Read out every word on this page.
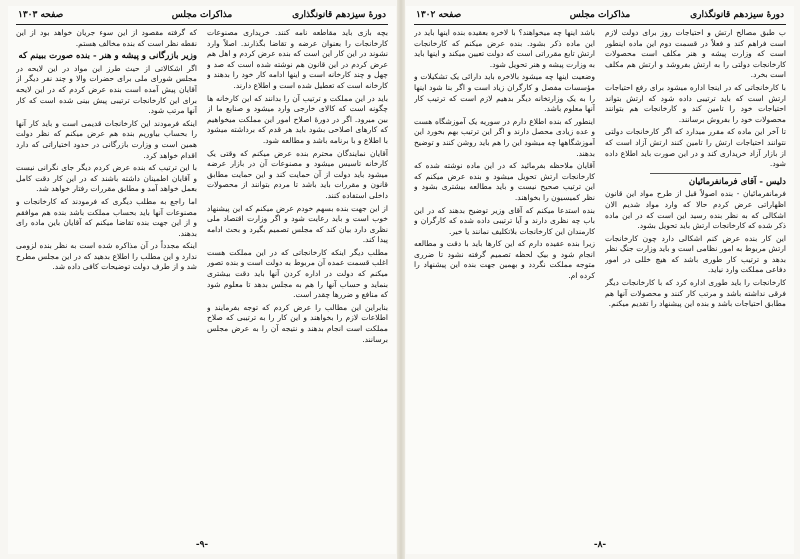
دورهٔ سیزدهم قانونگذاری
مذاکرات مجلس
صفحه ۱۳۰۳

بچه بازی باید مقاطعه نامه کنند. خریداری مصنوعات کارخانجات را بعنوان عرضه و تقاضا بگذارند. اصلاً وارد نشوند در این کار این است که بنده عرض کردم و اهل هم عرض کردم در این قانون هم نوشته شده است که صد و چهل و چند کارخانه است و اینها ادامه کار خود را بدهند و کارخانه است که تعطیل شده است و اطلاع دارند.

باید در این مملکت و ترتیب آن را بدانند که این کارخانه ها چگونه است که کالای خارجی وارد میشود و صنایع ما از بین میرود. اگر در دورهٔ اصلاح امور این مملکت میخواهیم که کارهای اصلاحی بشود باید هر قدم که برداشته میشود با اطلاع و با برنامه باشد و مطالعه شود.

آقایان نمایندگان محترم بنده عرض میکنم که وقتی یک کارخانه تاسیس میشود و مصنوعات آن در بازار عرضه میشود باید دولت از آن حمایت کند و این حمایت مطابق قانون و مقررات باید باشد تا مردم بتوانند از محصولات داخلی استفاده کنند.

از این جهت بنده بسهم خودم عرض میکنم که این پیشنهاد خوب است و باید رعایت شود و اگر وزارت اقتصاد ملی نظری دارد بیان کند که مجلس تصمیم بگیرد و بحث ادامه پیدا کند.

مطلب دیگر اینکه کارخانجاتی که در این مملکت هست اغلب قسمت عمده آن مربوط به دولت است و بنده تصور میکنم که دولت در اداره کردن آنها باید دقت بیشتری بنماید و حساب آنها را هم به مجلس بدهد تا معلوم شود که منافع و ضررها چقدر است.

بنابراین این مطالب را عرض کردم که توجه بفرمایند و اطلاعات لازم را بخواهند و این کار را به ترتیبی که صلاح مملکت است انجام بدهند و نتیجه آن را به عرض مجلس برسانند.

که گرفته مقصود از این سوء جریان خواهد بود از این نقطه نظر است که بنده مخالف هستم.

وزیر بازرگانی و پیشه و هنر - بنده صورت ببینم که

اگر اشکالاتی از حیث طرز این مواد در این لایحه در مجلس شورای ملی برای حضرات والا و چند نفر دیگر از آقایان پیش آمده است بنده عرض کردم که در این لایحه برای این کارخانجات ترتیبی پیش بینی شده است که کار آنها مرتب شود.

اینکه فرمودند این کارخانجات قدیمی است و باید کار آنها را بحساب بیاوریم بنده هم عرض میکنم که نظر دولت همین است و وزارت بازرگانی در حدود اختیاراتی که دارد اقدام خواهد کرد.

با این ترتیب که بنده عرض کردم دیگر جای نگرانی نیست و آقایان اطمینان داشته باشند که در این کار دقت کامل بعمل خواهد آمد و مطابق مقررات رفتار خواهد شد.

اما راجع به مطلب دیگری که فرمودند که کارخانجات و مصنوعات آنها باید بحساب مملکت باشد بنده هم موافقم و از این جهت بنده تقاضا میکنم که آقایان باین ماده رای بدهند.

اینکه مجدداً در آن مذاکره شده است به نظر بنده لزومی ندارد و این مطلب را اطلاع بدهید که در این مجلس مطرح شد و از طرف دولت توضیحات کافی داده شد.

-۹-
دورهٔ سیزدهم قانونگذاری
مذاکرات مجلس
صفحه ۱۳۰۲

ب طبق مصالح ارتش و احتیاجات روز برای دولت لازم است فراهم کند و فعلاً در قسمت دوم این ماده اینطور است که وزارت پیشه و هنر مکلف است محصولات کارخانجات دولتی را به ارتش بفروشد و ارتش هم مکلف است بخرد.

با کارخانجاتی که در اینجا اداره میشود برای رفع احتیاجات ارتش است که باید ترتیبی داده شود که ارتش بتواند احتیاجات خود را تامین کند و کارخانجات هم بتوانند محصولات خود را بفروش برسانند.

تا آخر این ماده که مقرر میدارد که اگر کارخانجات دولتی نتوانند احتیاجات ارتش را تامین کنند ارتش آزاد است که از بازار آزاد خریداری کند و در این صورت باید اطلاع داده شود.

دلیس - آقای فرمانفرمائیان

فرمانفرمائیان - بنده اصولاً قبل از طرح مواد این قانون اظهاراتی عرض کردم حالا که وارد مواد شدیم الان اشکالی که به نظر بنده رسید این است که در این ماده ذکر شده که کارخانجات ارتش باید تحویل بشود.

این کار بنده عرض کنم اشکالی دارد چون کارخانجات ارتش مربوط به امور نظامی است و باید وزارت جنگ نظر بدهد و ترتیب کار طوری باشد که هیچ خللی در امور دفاعی مملکت وارد نیاید.

کارخانجات را باید طوری اداره کرد که با کارخانجات دیگر فرقی نداشته باشد و مرتب کار کنند و محصولات آنها هم مطابق احتیاجات باشد و بنده این پیشنهاد را تقدیم میکنم.

باشد اینها چه میخواهند؟ با لاخره بعقیده بنده اینها باید در این ماده ذکر بشود. بنده عرض میکنم که کارخانجات ارتش تابع مقرراتی است که دولت تعیین میکند و اینها باید به وزارت پیشه و هنر تحویل شود.

وضعیت اینها چه میشود بالاخره باید دارائی یک تشکیلات و مؤسسات مفصل و کارگران زیاد است و اگر بنا شود اینها را به یک وزارتخانه دیگر بدهیم لازم است که ترتیب کار آنها معلوم باشد.

اینطور که بنده اطلاع دارم در سوریه یک آموزشگاه هست و عده زیادی محصل دارند و اگر این ترتیب بهم بخورد این آموزشگاهها چه میشود این را هم باید روشن کنند و توضیح بدهند.

آقایان ملاحظه بفرمائید که در این ماده نوشته شده که کارخانجات ارتش تحویل میشود و بنده عرض میکنم که این ترتیب صحیح نیست و باید مطالعه بیشتری بشود و نظر کمیسیون را بخواهند.

بنده استدعا میکنم که آقای وزیر توضیح بدهند که در این باب چه نظری دارند و آیا ترتیبی داده شده که کارگران و کارمندان این کارخانجات بلاتکلیف نمانند یا خیر.

زیرا بنده عقیده دارم که این کارها باید با دقت و مطالعه انجام شود و بیک لحظه تصمیم گرفته نشود تا ضرری متوجه مملکت نگردد و بهمین جهت بنده این پیشنهاد را کرده ام.

-۸-
